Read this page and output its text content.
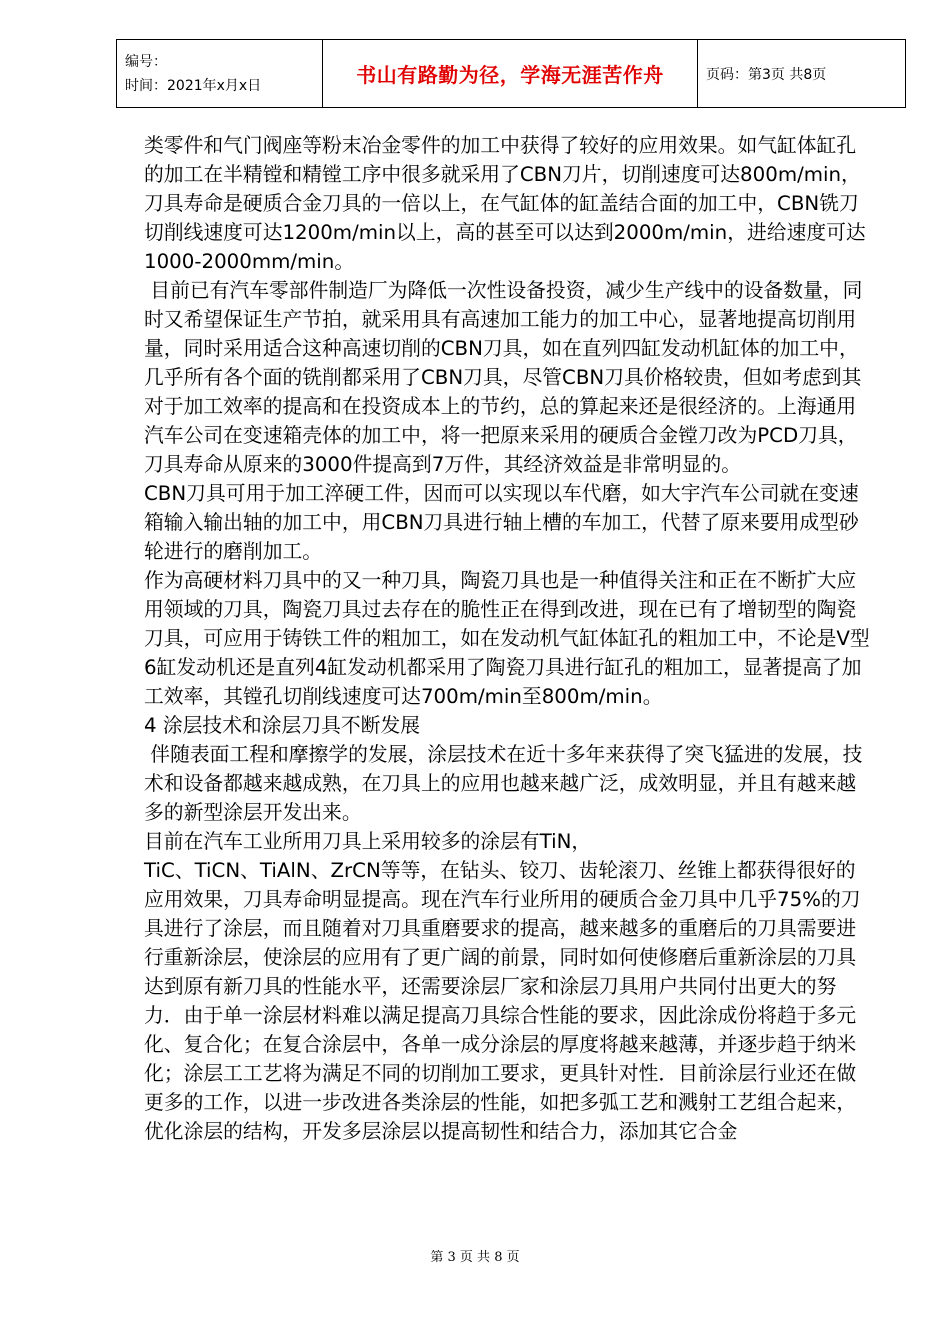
编号：
时间：2021年x月x日	书山有路勤为径，学海无涯苦作舟	页码：第3页 共8页

类零件和气门阀座等粉末冶金零件的加工中获得了较好的应用效果。如气缸体缸孔的加工在半精镗和精镗工序中很多就采用了CBN刀片，切削速度可达800m/min，刀具寿命是硬质合金刀具的一倍以上，在气缸体的缸盖结合面的加工中，CBN铣刀切削线速度可达1200m/min以上，高的甚至可以达到2000m/min，进给速度可达1000-2000mm/min。

目前已有汽车零部件制造厂为降低一次性设备投资，减少生产线中的设备数量，同时又希望保证生产节拍，就采用具有高速加工能力的加工中心，显著地提高切削用量，同时采用适合这种高速切削的CBN刀具，如在直列四缸发动机缸体的加工中，几乎所有各个面的铣削都采用了CBN刀具，尽管CBN刀具价格较贵，但如考虑到其对于加工效率的提高和在投资成本上的节约，总的算起来还是很经济的。上海通用汽车公司在变速箱壳体的加工中，将一把原来采用的硬质合金镗刀改为PCD刀具，刀具寿命从原来的3000件提高到7万件，其经济效益是非常明显的。

CBN刀具可用于加工淬硬工件，因而可以实现以车代磨，如大宇汽车公司就在变速箱输入输出轴的加工中，用CBN刀具进行轴上槽的车加工，代替了原来要用成型砂轮进行的磨削加工。

作为高硬材料刀具中的又一种刀具，陶瓷刀具也是一种值得关注和正在不断扩大应用领域的刀具，陶瓷刀具过去存在的脆性正在得到改进，现在已有了增韧型的陶瓷刀具，可应用于铸铁工件的粗加工，如在发动机气缸体缸孔的粗加工中，不论是V型6缸发动机还是直列4缸发动机都采用了陶瓷刀具进行缸孔的粗加工，显著提高了加工效率，其镗孔切削线速度可达700m/min至800m/min。

4 涂层技术和涂层刀具不断发展

伴随表面工程和摩擦学的发展，涂层技术在近十多年来获得了突飞猛进的发展，技术和设备都越来越成熟，在刀具上的应用也越来越广泛，成效明显，并且有越来越多的新型涂层开发出来。

目前在汽车工业所用刀具上采用较多的涂层有TiN，

TiC、TiCN、TiAlN、ZrCN等等，在钻头、铰刀、齿轮滚刀、丝锥上都获得很好的应用效果，刀具寿命明显提高。现在汽车行业所用的硬质合金刀具中几乎75%的刀具进行了涂层，而且随着对刀具重磨要求的提高，越来越多的重磨后的刀具需要进行重新涂层，使涂层的应用有了更广阔的前景，同时如何使修磨后重新涂层的刀具达到原有新刀具的性能水平，还需要涂层厂家和涂层刀具用户共同付出更大的努力．由于单一涂层材料难以满足提高刀具综合性能的要求，因此涂成份将趋于多元化、复合化；在复合涂层中，各单一成分涂层的厚度将越来越薄，并逐步趋于纳米化；涂层工工艺将为满足不同的切削加工要求，更具针对性．目前涂层行业还在做更多的工作，以进一步改进各类涂层的性能，如把多弧工艺和溅射工艺组合起来，优化涂层的结构，开发多层涂层以提高韧性和结合力，添加其它合金

第 3 页 共 8 页
